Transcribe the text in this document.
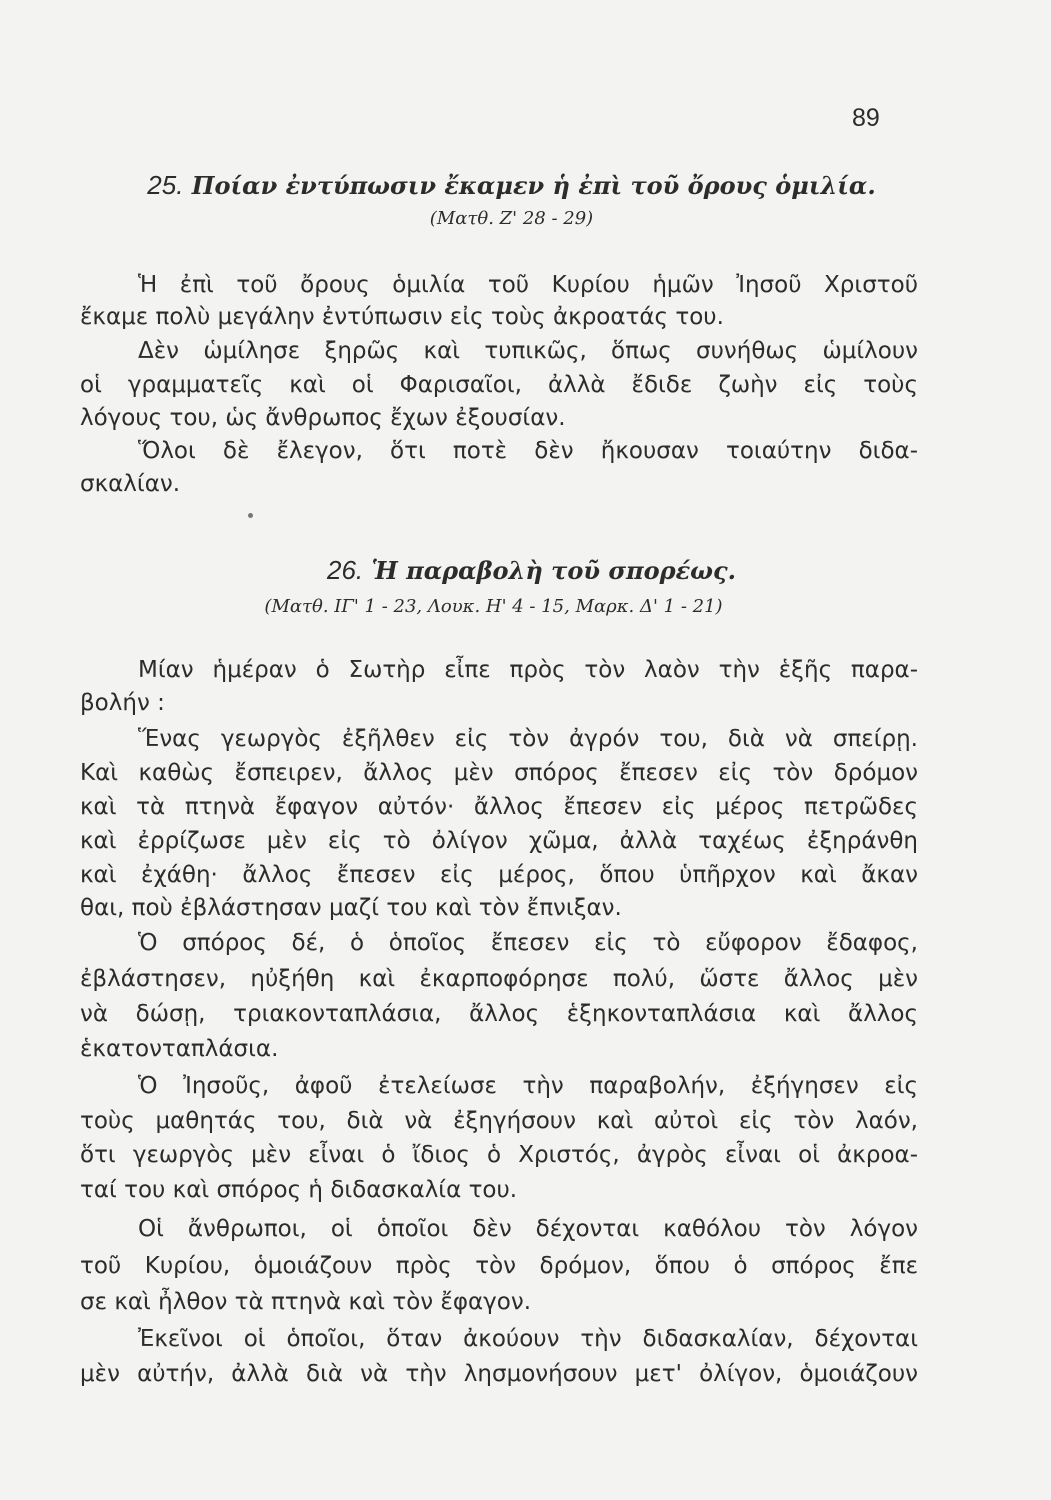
89
25. Ποίαν ἐντύπωσιν ἔκαμεν ἡ ἐπὶ τοῦ ὄρους ὁμιλία.
(Ματθ. Ζ' 28 - 29)
Ἡ ἐπὶ τοῦ ὄρους ὁμιλία τοῦ Κυρίου ἡμῶν Ἰησοῦ Χριστοῦ
ἔκαμε πολὺ μεγάλην ἐντύπωσιν εἰς τοὺς ἀκροατάς του.
Δὲν ὡμίλησε ξηρῶς καὶ τυπικῶς, ὅπως συνήθως ὡμίλουν
οἱ γραμματεῖς καὶ οἱ Φαρισαῖοι, ἀλλὰ ἔδιδε ζωὴν εἰς τοὺς
λόγους του, ὡς ἄνθρωπος ἔχων ἐξουσίαν.
Ὅλοι δὲ ἔλεγον, ὅτι ποτὲ δὲν ἤκουσαν τοιαύτην διδα-
σκαλίαν.
26. Ἡ παραβολὴ τοῦ σπορέως.
(Ματθ. ΙΓ' 1 - 23, Λουκ. Η' 4 - 15, Μαρκ. Δ' 1 - 21)
Μίαν ἡμέραν ὁ Σωτὴρ εἶπε πρὸς τὸν λαὸν τὴν ἑξῆς παρα-
βολήν :
Ἕνας γεωργὸς ἐξῆλθεν εἰς τὸν ἀγρόν του, διὰ νὰ σπείρῃ.
Καὶ καθὼς ἔσπειρεν, ἄλλος μὲν σπόρος ἔπεσεν εἰς τὸν δρόμον
καὶ τὰ πτηνὰ ἔφαγον αὐτόν· ἄλλος ἔπεσεν εἰς μέρος πετρῶδες
καὶ ἐρρίζωσε μὲν εἰς τὸ ὀλίγον χῶμα, ἀλλὰ ταχέως ἐξηράνθη
καὶ ἐχάθη· ἄλλος ἔπεσεν εἰς μέρος, ὅπου ὑπῆρχον καὶ ἄκαν
θαι, ποὺ ἐβλάστησαν μαζί του καὶ τὸν ἔπνιξαν.
Ὁ σπόρος δέ, ὁ ὁποῖος ἔπεσεν εἰς τὸ εὔφορον ἔδαφος,
ἐβλάστησεν, ηὐξήθη καὶ ἐκαρποφόρησε πολύ, ὥστε ἄλλος μὲν
νὰ δώσῃ, τριακονταπλάσια, ἄλλος ἑξηκονταπλάσια καὶ ἄλλος
ἑκατονταπλάσια.
Ὁ Ἰησοῦς, ἀφοῦ ἐτελείωσε τὴν παραβολήν, ἐξήγησεν εἰς
τοὺς μαθητάς του, διὰ νὰ ἐξηγήσουν καὶ αὐτοὶ εἰς τὸν λαόν,
ὅτι γεωργὸς μὲν εἶναι ὁ ἴδιος ὁ Χριστός, ἀγρὸς εἶναι οἱ ἀκροα-
ταί του καὶ σπόρος ἡ διδασκαλία του.
Οἱ ἄνθρωποι, οἱ ὁποῖοι δὲν δέχονται καθόλου τὸν λόγον
τοῦ Κυρίου, ὁμοιάζουν πρὸς τὸν δρόμον, ὅπου ὁ σπόρος ἔπε
σε καὶ ἦλθον τὰ πτηνὰ καὶ τὸν ἔφαγον.
Ἐκεῖνοι οἱ ὁποῖοι, ὅταν ἀκούουν τὴν διδασκαλίαν, δέχονται
μὲν αὐτήν, ἀλλὰ διὰ νὰ τὴν λησμονήσουν μετ' ὀλίγον, ὁμοιάζουν
